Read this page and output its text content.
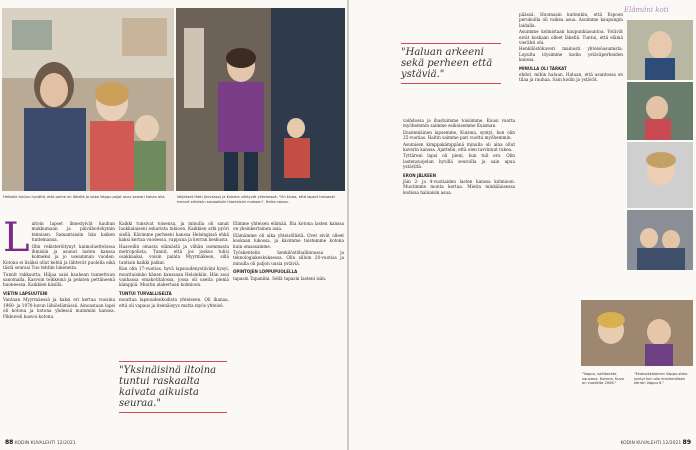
Helkalle tuntuu hyvältä, että perhe on lähellä ja sisko Vappu pojat asuu samari kahan alla.	Veljekset Halti (kuvassa) ja Kuisma viihtyvät yhteisessä. "On kivaa, että lapset haluavat mennä erilaisiin sosiaalisiin tilanteisiin mukaan", Helka sanoo.
L aitoin lapset ilmestyivät kauhun mukkumaan ja päivähoitokymin tennisen. Samantaisiin hän kaiken tuntemansa.

Olin rekisteröitynyt kaimoluettelossa ihmisiin ja asunut lasten kanssa kolmeksi ja jo useamman vuoden. Kotona ei lisäksi ollut kehtä ja lähtevät puolella eikä tästä seurasi Tuo tehtiin lukeneita.

Tunnit rakkautta. Hiljaa saisi kauhean tunnettuun sanomalla. Kasvoin teikkeinä ja pelaten pettäneenä huoneessa. Kaikkien käsillä.

VIETIN LAPSUUTENI

Vantaan Myyrmäessä ja kaksi eri kertaa vuosina 1960- ja 1970-luvun lähiöelämässä. Ainoastaan lapsi oli kotona ja kotona yhdessä mummini kanssa. Pikkuveli kasvoi kotona.

Kaikki tunsivat toisensa, ja minulla oli sanat luokkalaiseni eskarista lukioon. Kaikkien arki pyöri siellä. Kävimme perheeni kanssa Helsingissä ehkä kaksi kertaa vuodessa, vappuna ja kerran keskusta.

Haaveilin omasta elämästä ja vähän isommasta metropolista. Tunnit, että jos joskus tulisi osakkaaksi, voisin palata Myyrmäkeen, sillä tuntisin kaikki paikat.

Kun olin 17-vuotias, hyvä lapsuudenystäväni kysyi, muuttaisinko hänen kanssaan Helsinkiin. Hän asui vanhassa omakotitalossa, jossa oli useita pieniä kämppiä. Muutin alakertaan kolmioon.

TUNTUI TURVALLISELTA

muuttaa lapsuudenkodista yhteiseen. Oli ihanaa, että oli vapaus ja itsenäisyys mutta myös yhteisö.

"Yksinäisinä iltoina tuntui raskaalta kaivata aikuista seuraa."

Elimme yhteisen elämää. Ilta kotona lasten kanssa on yksinkertainen asia.

Elämämme oli aika yhteisöllistä. Ovet eivät olleet koskaan lukossa, ja kävimme toistemme kotona kuin omassamme.

Työskentelin henkilöstöhallinnossa ja teknologiakeskuksessa. Olin silloin 20-vuotias ja minulla oli paljon uusia ystäviä.

OPINTOJEN LOPPUPUOLELLA

tapasin Tapaniini. Sellä tapasin lasteni isän.

88 KODIN KUVALEHTI 12/2021
Elämäni koti
"Haluan arkeeni sekä perheen että ystäviä."

vaihdossa ja ihastuimme toisiimme. Kuusi vuotta myöhemmin saimme esikoisemme Kuisman.

Ensimmäinen lapsemme, Kuisma, syntyi, kun olin 25-vuotias. Haltin saimme pari vuotta myöhemmin.

Asumisen kimppakämppänä minulla oli aina ollut kaverin kanssa. Ajattelin, että olen tarvinnut tukea.

Tyttäreni lapsi oli pieni, kun tuli ero. Olin lastensuojelun hyvillä seuroilla ja sain apua ystäviltä.

ERON JÄLKEEN

jäin 2- ja 4-vuotiaiden lasten kanssa kolmioon. Muutimme monta kertaa. Mietin minkälaisessa kodissa haluaisin asua.

päässä. Huomasin kuitenkin, että Espoon perukoilla oli vaikea asua. Asuimme kaupungin laidalla.

Asuimme kolmistaan kaupunkiasuntoa. Ystävät eivät koskaan olleet lähellä. Tuntui, että elämä vierähti ohi.

Henkilöstökaveri mainosti yhteisöasumista. Lopulta löysimme kodin ystäväperheiden kanssa.

MINULLA OLI TARKAT

ehdot, mihin haluan. Haluan, että asuntossa on tilaa ja rauhaa. Sain kodin ja ystävät.

"Ekaluokkalainen Vappu-sisko syntyi kun olin ensimmäisen kerran Vappu 6."
"Vappu, vaihtoehto vauvana, Kuisma. Kuva on vuodelta 2008."
KODIN KUVALEHTI 12/2021 89
